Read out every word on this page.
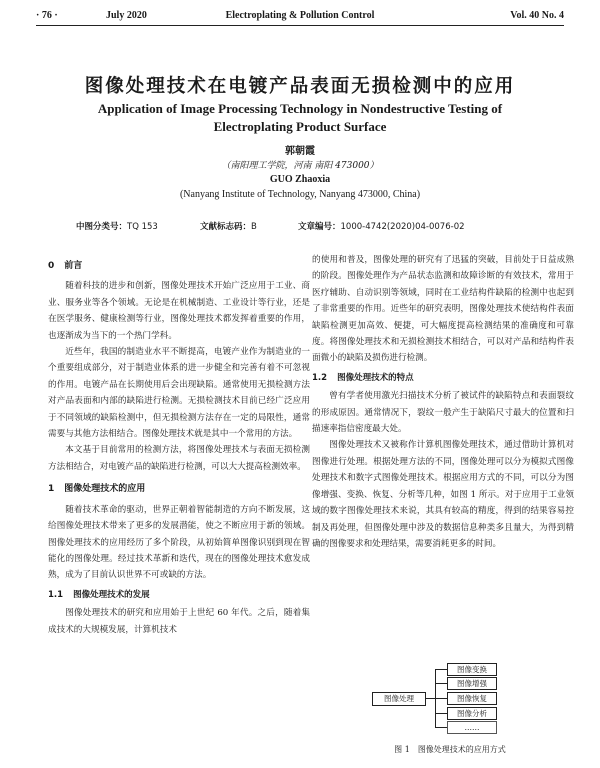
· 76 ·	July 2020	Electroplating & Pollution Control	Vol. 40 No. 4
图像处理技术在电镀产品表面无损检测中的应用
Application of Image Processing Technology in Nondestructive Testing of Electroplating Product Surface
郭朝霞
（南阳理工学院，河南 南阳 473000）
GUO Zhaoxia
(Nanyang Institute of Technology, Nanyang 473000, China)
中图分类号：TQ 153	文献标志码：B	文章编号：1000-4742(2020)04-0076-02
0 前言

随着科技的进步和创新，图像处理技术开始广泛应用于工业、商业、服务业等各个领域。无论是在机械制造、工业设计等行业，还是在医学服务、健康检测等行业，图像处理技术都发挥着重要的作用，也逐渐成为当下的一个热门学科。

近些年，我国的制造业水平不断提高，电镀产业作为制造业的一个重要组成部分，对于制造业体系的进一步健全和完善有着不可忽视的作用。电镀产品在长期使用后会出现缺陷。通常使用无损检测方法对产品表面和内部的缺陷进行检测。无损检测技术目前已经广泛应用于不同领域的缺陷检测中，但无损检测方法存在一定的局限性，通常需要与其他方法相结合。图像处理技术就是其中一个常用的方法。

本文基于目前常用的检测方法，将图像处理技术与表面无损检测方法相结合，对电镀产品的缺陷进行检测，可以大大提高检测效率。

1 图像处理技术的应用

随着技术革命的驱动，世界正朝着智能制造的方向不断发展，这给图像处理技术带来了更多的发展潜能，使之不断应用于新的领域。图像处理技术的应用经历了多个阶段，从初始简单图像识别到现在智能化的图像处理。经过技术革新和迭代，现在的图像处理技术愈发成熟，成为了目前认识世界不可或缺的方法。

1.1 图像处理技术的发展

图像处理技术的研究和应用始于上世纪 60 年代。之后，随着集成技术的大规模发展，计算机技术

的使用和普及，图像处理的研究有了迅猛的突破，目前处于日益成熟的阶段。图像处理作为产品状态监测和故障诊断的有效技术，常用于医疗辅助、自动识别等领域，同时在工业结构件缺陷的检测中也起到了非常重要的作用。近些年的研究表明，图像处理技术使结构件表面缺陷检测更加高效、便捷，可大幅度提高检测结果的准确度和可靠度。将图像处理技术和无损检测技术相结合，可以对产品和结构件表面微小的缺陷及损伤进行检测。

1.2 图像处理技术的特点

曾有学者使用激光扫描技术分析了被试件的缺陷特点和表面裂纹的形成原因。通常情况下，裂纹一般产生于缺陷尺寸最大的位置和扫描速率指信密度最大处。

图像处理技术又被称作计算机图像处理技术，通过借助计算机对图像进行处理。根据处理方法的不同，图像处理可以分为模拟式图像处理技术和数字式图像处理技术。根据应用方式的不同，可以分为图像增强、变换、恢复、分析等几种，如图 1 所示。对于应用于工业领域的数字图像处理技术来说，其具有较高的精度，得到的结果容易控制及再处理，但图像处理中涉及的数据信息种类多且量大，为得到精确的图像要求和处理结果，需要消耗更多的时间。

图像处理
图像变换
图像增强
图像恢复
图像分析
……
图 1 图像处理技术的应用方式
